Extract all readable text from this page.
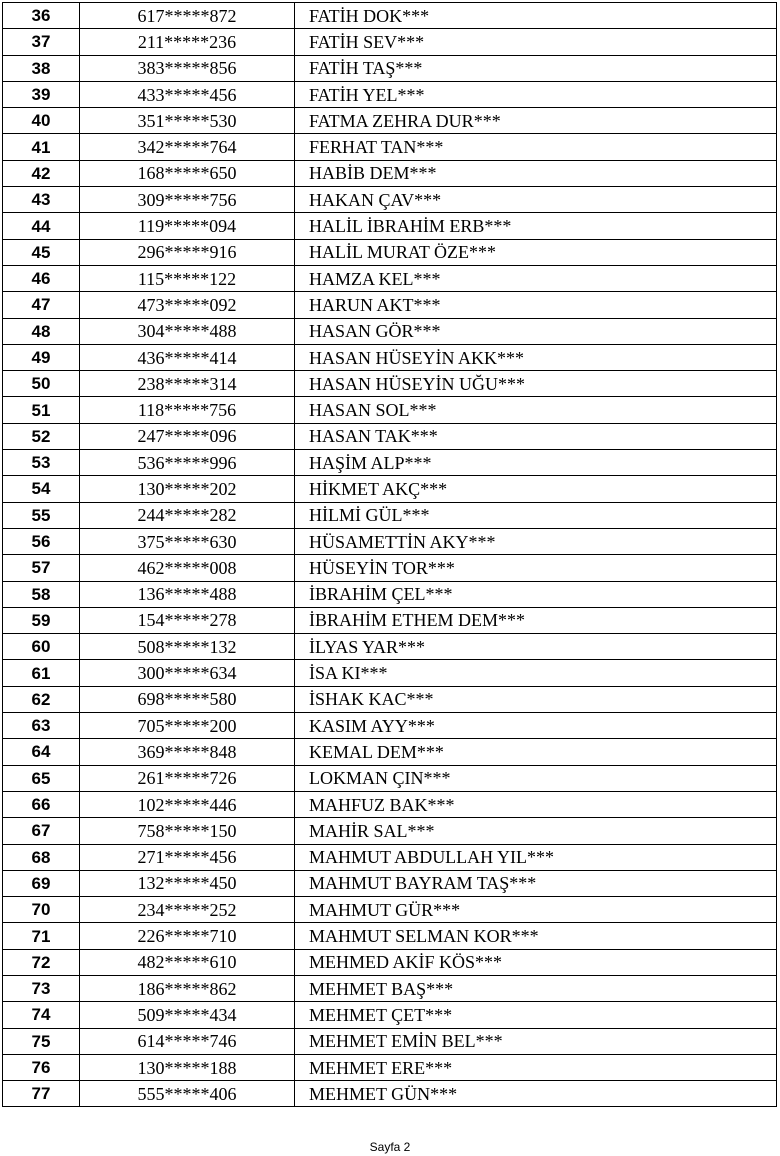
36	617*****872	FATİH DOK***
37	211*****236	FATİH SEV***
38	383*****856	FATİH TAŞ***
39	433*****456	FATİH YEL***
40	351*****530	FATMA ZEHRA DUR***
41	342*****764	FERHAT TAN***
42	168*****650	HABİB DEM***
43	309*****756	HAKAN ÇAV***
44	119*****094	HALİL İBRAHİM ERB***
45	296*****916	HALİL MURAT ÖZE***
46	115*****122	HAMZA KEL***
47	473*****092	HARUN AKT***
48	304*****488	HASAN GÖR***
49	436*****414	HASAN HÜSEYİN AKK***
50	238*****314	HASAN HÜSEYİN UĞU***
51	118*****756	HASAN SOL***
52	247*****096	HASAN TAK***
53	536*****996	HAŞİM ALP***
54	130*****202	HİKMET AKÇ***
55	244*****282	HİLMİ GÜL***
56	375*****630	HÜSAMETTİN AKY***
57	462*****008	HÜSEYİN TOR***
58	136*****488	İBRAHİM ÇEL***
59	154*****278	İBRAHİM ETHEM DEM***
60	508*****132	İLYAS YAR***
61	300*****634	İSA KI***
62	698*****580	İSHAK KAC***
63	705*****200	KASIM AYY***
64	369*****848	KEMAL DEM***
65	261*****726	LOKMAN ÇIN***
66	102*****446	MAHFUZ BAK***
67	758*****150	MAHİR SAL***
68	271*****456	MAHMUT ABDULLAH YIL***
69	132*****450	MAHMUT BAYRAM TAŞ***
70	234*****252	MAHMUT GÜR***
71	226*****710	MAHMUT SELMAN KOR***
72	482*****610	MEHMED AKİF KÖS***
73	186*****862	MEHMET BAŞ***
74	509*****434	MEHMET ÇET***
75	614*****746	MEHMET EMİN BEL***
76	130*****188	MEHMET ERE***
77	555*****406	MEHMET GÜN***
Sayfa 2
